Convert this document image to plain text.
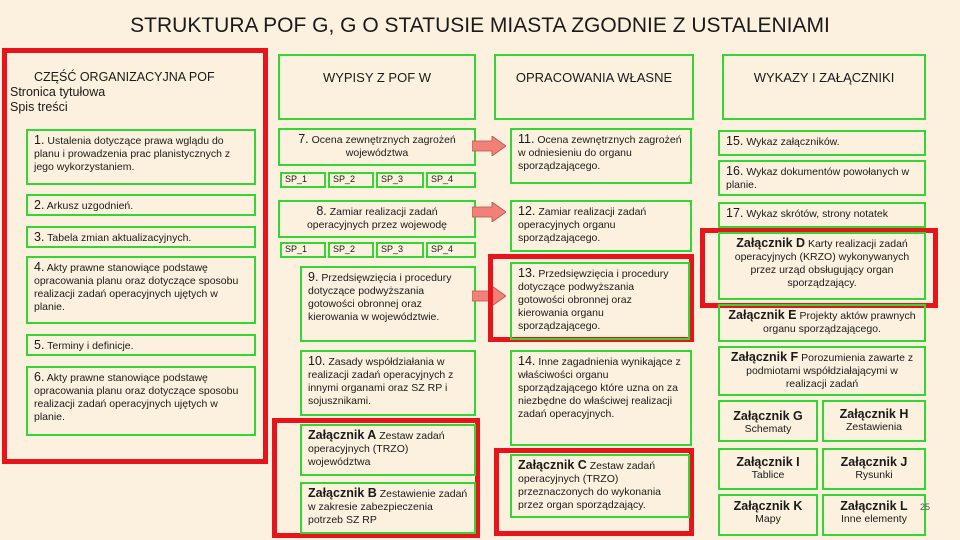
STRUKTURA POF G, G O STATUSIE MIASTA ZGODNIE Z USTALENIAMI
CZĘŚĆ ORGANIZACYJNA POF
Stronica tytułowa
Spis treści
1. Ustalenia dotyczące prawa wglądu do planu i prowadzenia prac planistycznych z jego wykorzystaniem.
2. Arkusz uzgodnień.
3. Tabela zmian aktualizacyjnych.
4. Akty prawne stanowiące podstawę opracowania planu oraz dotyczące sposobu realizacji zadań operacyjnych ujętych w planie.
5. Terminy i definicje.
6. Akty prawne stanowiące podstawę opracowania planu oraz dotyczące sposobu realizacji zadań operacyjnych ujętych w planie.
WYPISY Z POF W
7. Ocena zewnętrznych zagrożeń województwa
SP_1	SP_2	SP_3	SP_4
8. Zamiar realizacji zadań operacyjnych przez wojewodę
SP_1	SP_2	SP_3	SP_4
9. Przedsięwzięcia i procedury dotyczące podwyższania gotowości obronnej oraz kierowania w województwie.
10. Zasady współdziałania w realizacji zadań operacyjnych z innymi organami oraz SZ RP i sojusznikami.
Załącznik A Zestaw zadań operacyjnych (TRZO) województwa
Załącznik B Zestawienie zadań w zakresie zabezpieczenia potrzeb SZ RP
OPRACOWANIA WŁASNE
11. Ocena zewnętrznych zagrożeń w odniesieniu do organu sporządzającego.
12. Zamiar realizacji zadań operacyjnych organu sporządzającego.
13. Przedsięwzięcia i procedury dotyczące podwyższania gotowości obronnej oraz kierowania organu sporządzającego.
14. Inne zagadnienia wynikające z właściwości organu sporządzającego które uzna on za niezbędne do właściwej realizacji zadań operacyjnych.
Załącznik C Zestaw zadań operacyjnych (TRZO) przeznaczonych do wykonania przez organ sporządzający.
WYKAZY I ZAŁĄCZNIKI
15. Wykaz załączników.
16. Wykaz dokumentów powołanych w planie.
17. Wykaz skrótów, strony notatek
Załącznik D Karty realizacji zadań operacyjnych (KRZO) wykonywanych przez urząd obsługujący organ sporządzający.
Załącznik E Projekty aktów prawnych organu sporządzającego.
Załącznik F Porozumienia zawarte z podmiotami współdziałającymi w realizacji zadań
Załącznik G
Schematy
Załącznik H
Zestawienia
Załącznik I
Tablice
Załącznik J
Rysunki
Załącznik K
Mapy
Załącznik L
Inne elementy
25
